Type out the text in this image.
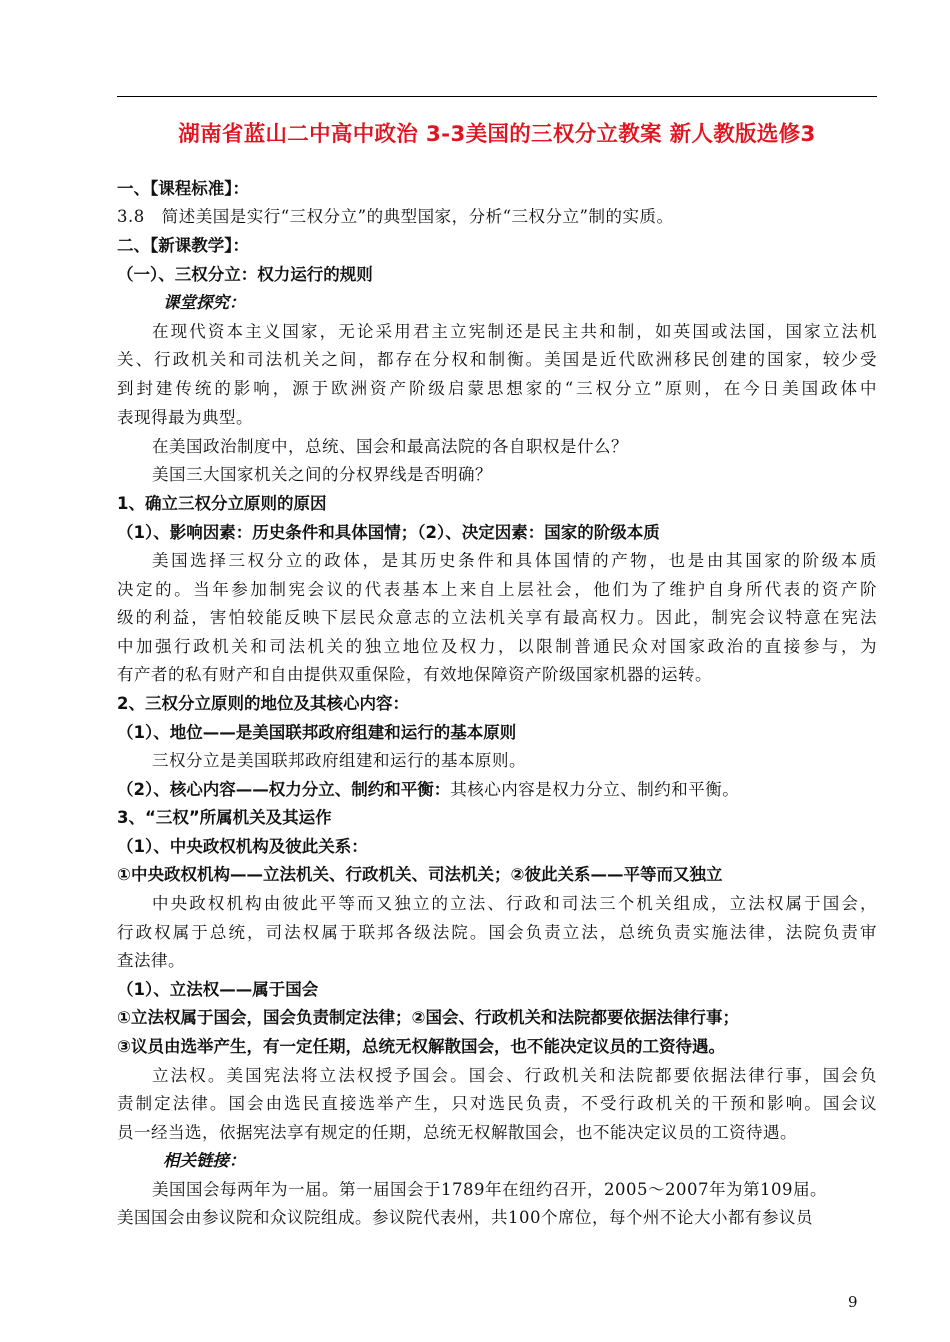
湖南省蓝山二中高中政治 3-3美国的三权分立教案 新人教版选修3
一、【课程标准】：
3.8　简述美国是实行“三权分立”的典型国家，分析“三权分立”制的实质。
二、【新课教学】：
（一）、三权分立：权力运行的规则
课堂探究：
在现代资本主义国家，无论采用君主立宪制还是民主共和制，如英国或法国，国家立法机
关、行政机关和司法机关之间，都存在分权和制衡。美国是近代欧洲移民创建的国家，较少受
到封建传统的影响，源于欧洲资产阶级启蒙思想家的“三权分立”原则，在今日美国政体中
表现得最为典型。
在美国政治制度中，总统、国会和最高法院的各自职权是什么？
美国三大国家机关之间的分权界线是否明确？
1、确立三权分立原则的原因
（1）、影响因素：历史条件和具体国情；（2）、决定因素：国家的阶级本质
美国选择三权分立的政体，是其历史条件和具体国情的产物，也是由其国家的阶级本质
决定的。当年参加制宪会议的代表基本上来自上层社会，他们为了维护自身所代表的资产阶
级的利益，害怕较能反映下层民众意志的立法机关享有最高权力。因此，制宪会议特意在宪法
中加强行政机关和司法机关的独立地位及权力，以限制普通民众对国家政治的直接参与，为
有产者的私有财产和自由提供双重保险，有效地保障资产阶级国家机器的运转。
2、三权分立原则的地位及其核心内容：
（1）、地位——是美国联邦政府组建和运行的基本原则
三权分立是美国联邦政府组建和运行的基本原则。
（2）、核心内容——权力分立、制约和平衡：其核心内容是权力分立、制约和平衡。
3、“三权”所属机关及其运作
（1）、中央政权机构及彼此关系：
①中央政权机构——立法机关、行政机关、司法机关；②彼此关系——平等而又独立
中央政权机构由彼此平等而又独立的立法、行政和司法三个机关组成，立法权属于国会，
行政权属于总统，司法权属于联邦各级法院。国会负责立法，总统负责实施法律，法院负责审
查法律。
（1）、立法权——属于国会
①立法权属于国会，国会负责制定法律；②国会、行政机关和法院都要依据法律行事；
③议员由选举产生，有一定任期，总统无权解散国会，也不能决定议员的工资待遇。
立法权。美国宪法将立法权授予国会。国会、行政机关和法院都要依据法律行事，国会负
责制定法律。国会由选民直接选举产生，只对选民负责，不受行政机关的干预和影响。国会议
员一经当选，依据宪法享有规定的任期，总统无权解散国会，也不能决定议员的工资待遇。
相关链接：
美国国会每两年为一届。第一届国会于1789年在纽约召开，2005～2007年为第109届。
美国国会由参议院和众议院组成。参议院代表州，共100个席位，每个州不论大小都有参议员
9
